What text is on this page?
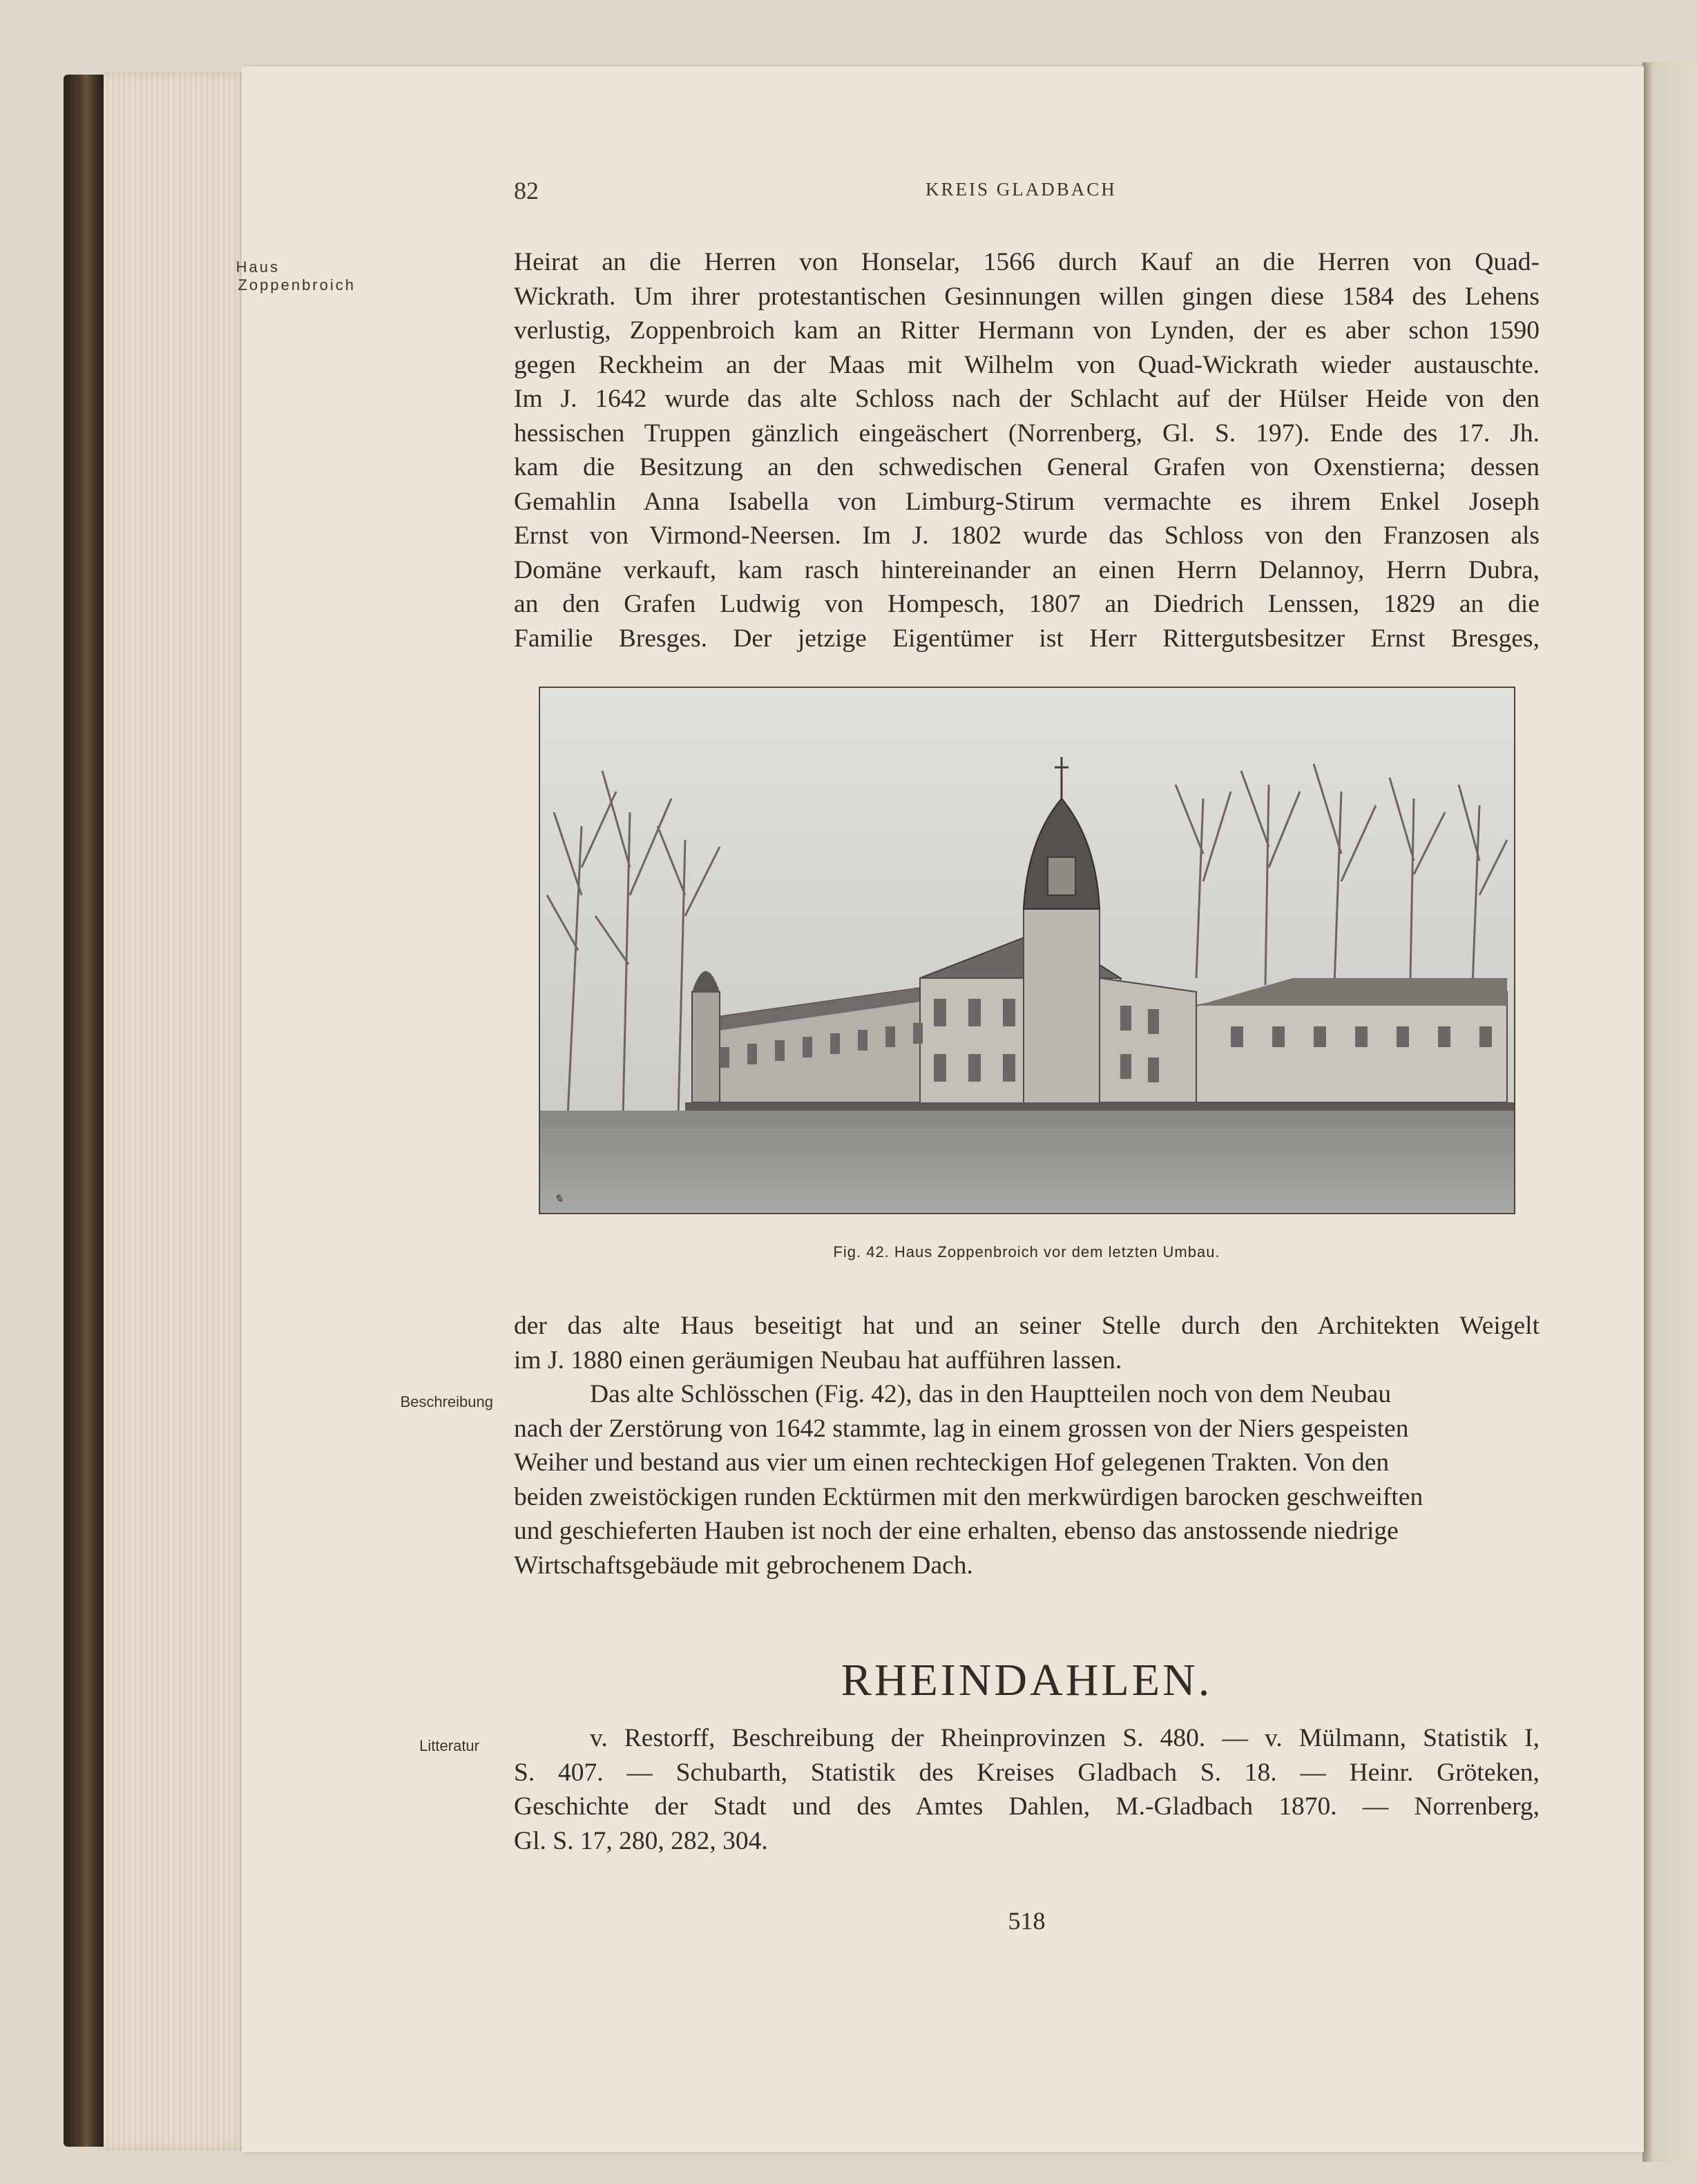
82	KREIS GLADBACH
Haus
Zoppenbroich
Heirat an die Herren von Honselar, 1566 durch Kauf an die Herren von Quad-
Wickrath. Um ihrer protestantischen Gesinnungen willen gingen diese 1584 des Lehens
verlustig, Zoppenbroich kam an Ritter Hermann von Lynden, der es aber schon 1590
gegen Reckheim an der Maas mit Wilhelm von Quad-Wickrath wieder austauschte.
Im J. 1642 wurde das alte Schloss nach der Schlacht auf der Hülser Heide von den
hessischen Truppen gänzlich eingeäschert (Norrenberg, Gl. S. 197). Ende des 17. Jh.
kam die Besitzung an den schwedischen General Grafen von Oxenstierna; dessen
Gemahlin Anna Isabella von Limburg-Stirum vermachte es ihrem Enkel Joseph
Ernst von Virmond-Neersen. Im J. 1802 wurde das Schloss von den Franzosen als
Domäne verkauft, kam rasch hintereinander an einen Herrn Delannoy, Herrn Dubra,
an den Grafen Ludwig von Hompesch, 1807 an Diedrich Lenssen, 1829 an die
Familie Bresges. Der jetzige Eigentümer ist Herr Rittergutsbesitzer Ernst Bresges,
✎
Fig. 42. Haus Zoppenbroich vor dem letzten Umbau.
der das alte Haus beseitigt hat und an seiner Stelle durch den Architekten Weigelt
im J. 1880 einen geräumigen Neubau hat aufführen lassen.
Beschreibung	Das alte Schlösschen (Fig. 42), das in den Hauptteilen noch von dem Neubau
nach der Zerstörung von 1642 stammte, lag in einem grossen von der Niers gespeisten
Weiher und bestand aus vier um einen rechteckigen Hof gelegenen Trakten. Von den
beiden zweistöckigen runden Ecktürmen mit den merkwürdigen barocken geschweiften
und geschieferten Hauben ist noch der eine erhalten, ebenso das anstossende niedrige
Wirtschaftsgebäude mit gebrochenem Dach.
RHEINDAHLEN.
Litteratur	v. Restorff, Beschreibung der Rheinprovinzen S. 480. — v. Mülmann, Statistik I,
S. 407. — Schubarth, Statistik des Kreises Gladbach S. 18. — Heinr. Gröteken,
Geschichte der Stadt und des Amtes Dahlen, M.-Gladbach 1870. — Norrenberg,
Gl. S. 17, 280, 282, 304.
518
